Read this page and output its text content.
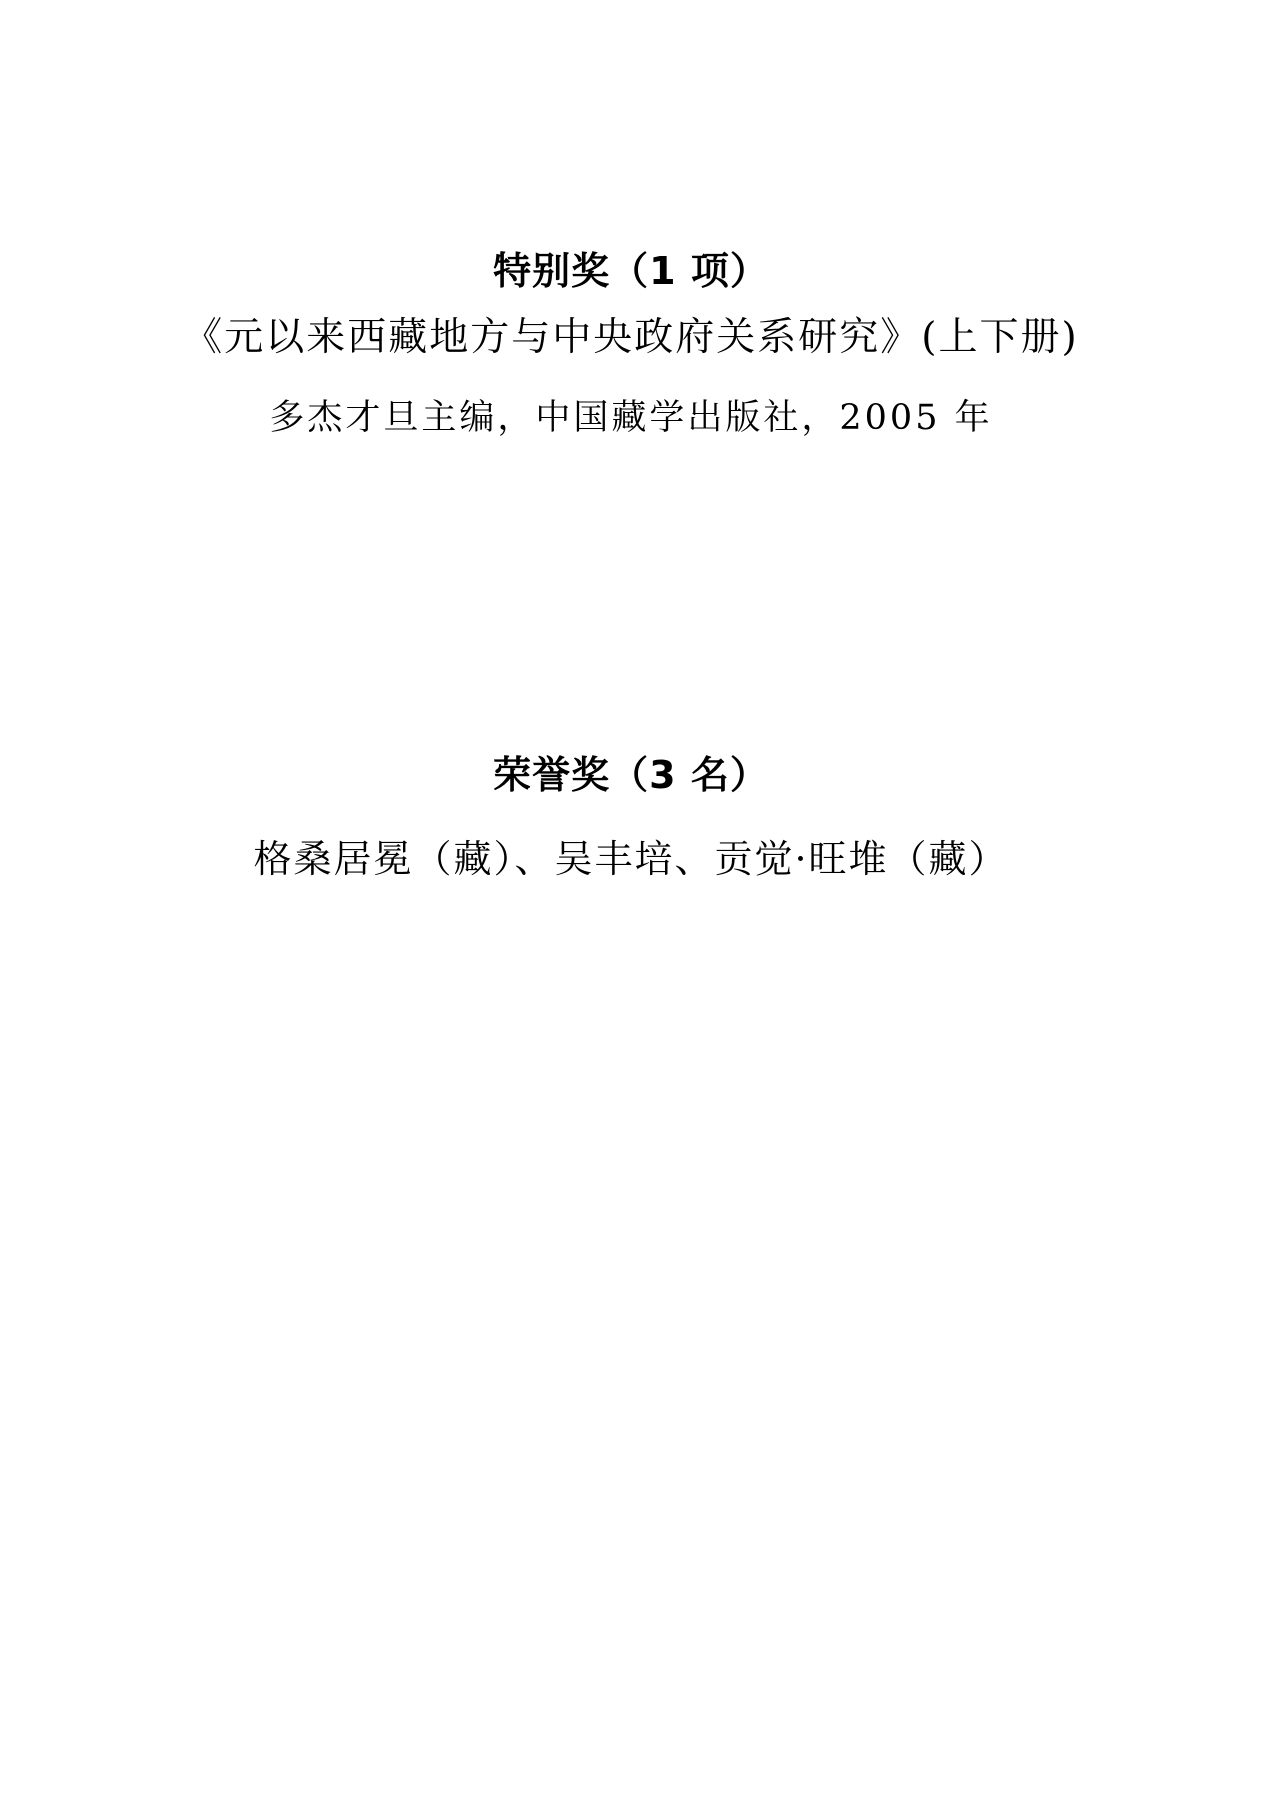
特别奖（1 项）

《元以来西藏地方与中央政府关系研究》(上下册)

多杰才旦主编，中国藏学出版社，2005 年

荣誉奖（3 名）

格桑居冕（藏）、吴丰培、贡觉·旺堆（藏）
